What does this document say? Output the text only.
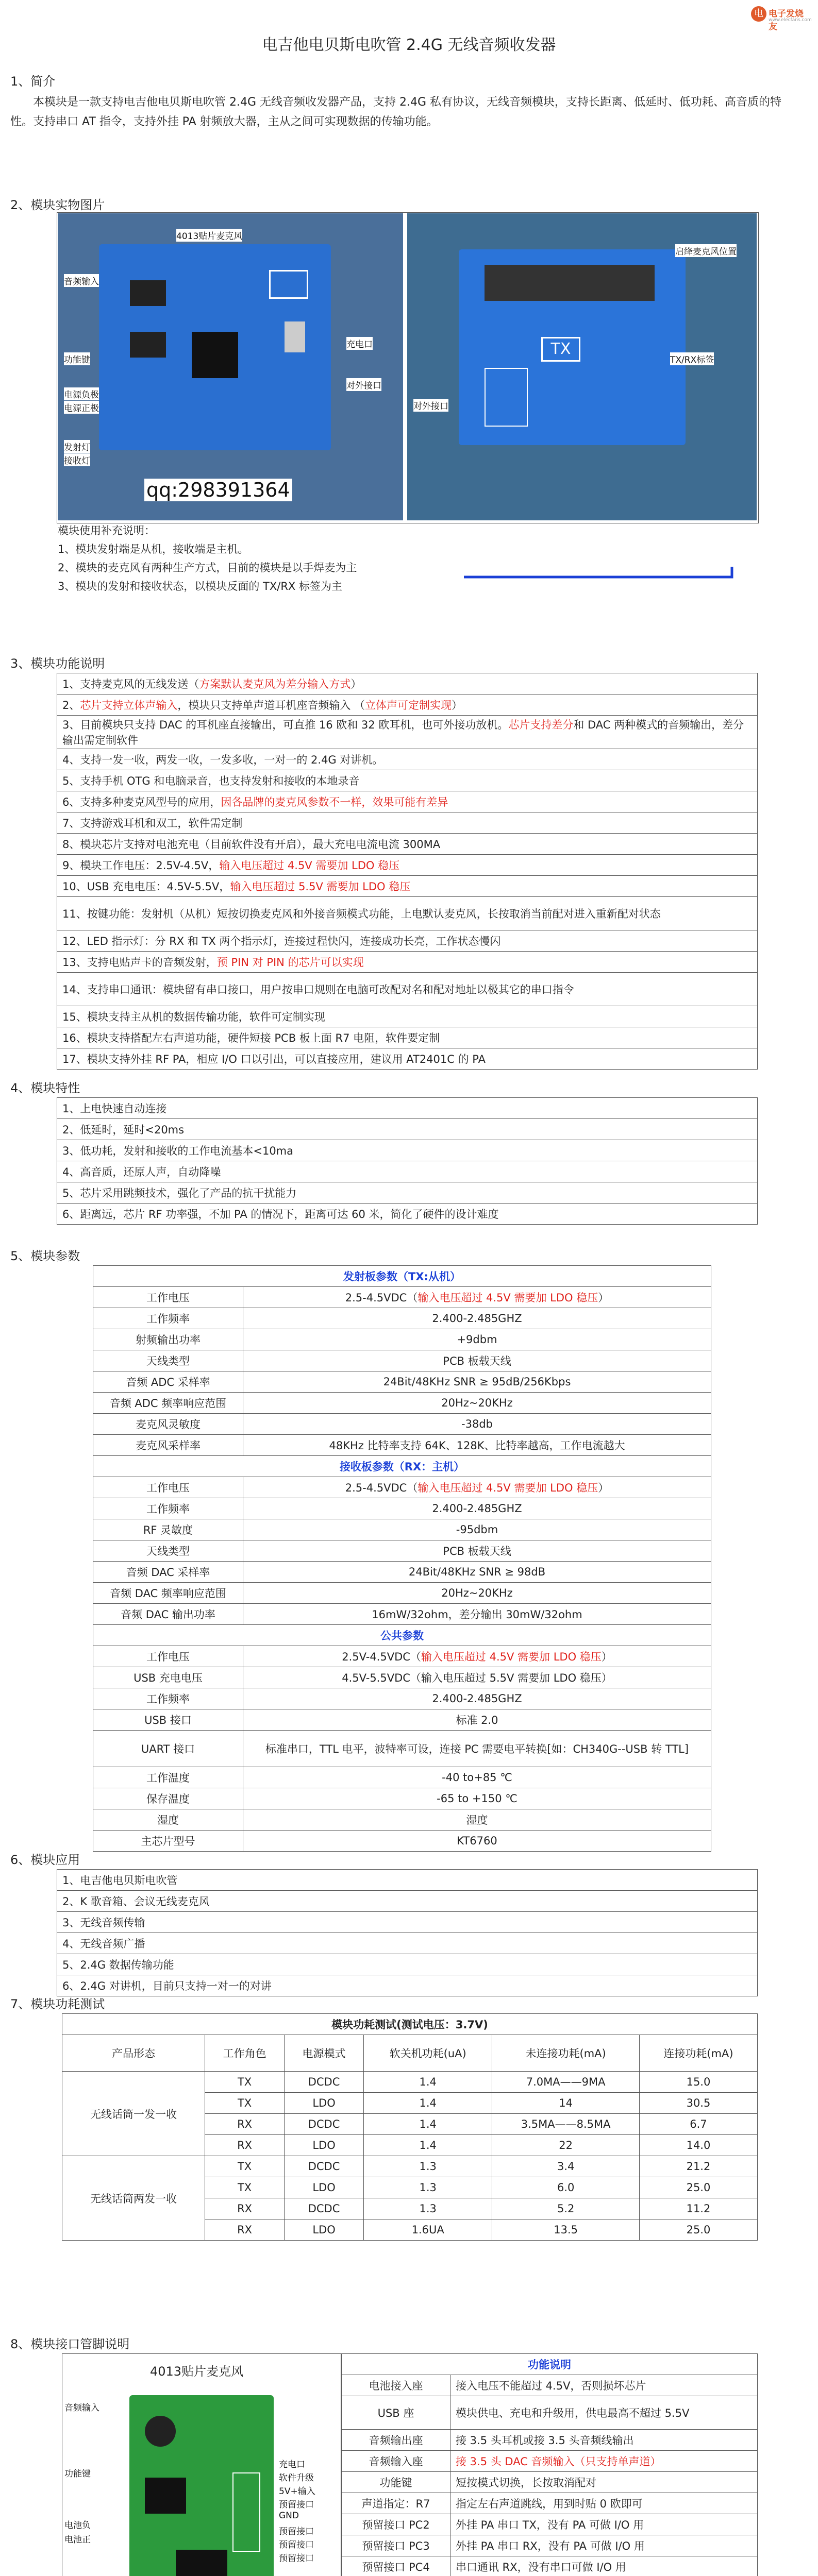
电 电子发烧友
www.elecfans.com
电吉他电贝斯电吹管 2.4G 无线音频收发器
1、简介
本模块是一款支持电吉他电贝斯电吹管 2.4G 无线音频收发器产品，支持 2.4G 私有协议，无线音频模块，支持长距离、低延时、低功耗、高音质的特性。支持串口 AT 指令，支持外挂 PA 射频放大器，主从之间可实现数据的传输功能。
2、模块实物图片
4013贴片麦克风
音频输入
功能键
电源负极
电源正极
发射灯
接收灯
充电口
对外接口
qq:298391364
TX
启绛麦克风位置
TX/RX标签
对外接口
模块使用补充说明：
1、模块发射端是从机，接收端是主机。
2、模块的麦克风有两种生产方式，目前的模块是以手焊麦为主
3、模块的发射和接收状态，以模块反面的 TX/RX 标签为主
3、模块功能说明
1、支持麦克风的无线发送（方案默认麦克风为差分输入方式）
2、芯片支持立体声输入，模块只支持单声道耳机座音频输入 （立体声可定制实现）
3、目前模块只支持 DAC 的耳机座直接输出，可直推 16 欧和 32 欧耳机，也可外接功放机。芯片支持差分和 DAC 两种模式的音频输出，差分输出需定制软件
4、支持一发一收，两发一收，一发多收，一对一的 2.4G 对讲机。
5、支持手机 OTG 和电脑录音，也支持发射和接收的本地录音
6、支持多种麦克风型号的应用，因各品牌的麦克风参数不一样，效果可能有差异
7、支持游戏耳机和双工，软件需定制
8、模块芯片支持对电池充电（目前软件没有开启），最大充电电流电流 300MA
9、模块工作电压：2.5V-4.5V，输入电压超过 4.5V 需要加 LDO 稳压
10、USB 充电电压：4.5V-5.5V，输入电压超过 5.5V 需要加 LDO 稳压
11、按键功能：发射机（从机）短按切换麦克风和外接音频模式功能，上电默认麦克风，长按取消当前配对进入重新配对状态
12、LED 指示灯：分 RX 和 TX 两个指示灯，连接过程快闪，连接成功长亮，工作状态慢闪
13、支持电贴声卡的音频发射，预 PIN 对 PIN 的芯片可以实现
14、支持串口通讯：模块留有串口接口，用户按串口规则在电脑可改配对名和配对地址以极其它的串口指令
15、模块支持主从机的数据传输功能，软件可定制实现
16、模块支持搭配左右声道功能，硬件短接 PCB 板上面 R7 电阻，软件要定制
17、模块支持外挂 RF PA，相应 I/O 口以引出，可以直接应用，建议用 AT2401C 的 PA
4、模块特性
1、上电快速自动连接
2、低延时，延时<20ms
3、低功耗，发射和接收的工作电流基本<10ma
4、高音质，还原人声，自动降噪
5、芯片采用跳频技术，强化了产品的抗干扰能力
6、距离远，芯片 RF 功率强，不加 PA 的情况下，距离可达 60 米，简化了硬件的设计难度
5、模块参数
发射板参数（TX:从机）	
工作电压	2.5-4.5VDC（输入电压超过 4.5V 需要加 LDO 稳压）
工作频率	2.400-2.485GHZ
射频输出功率	+9dbm
天线类型	PCB 板载天线
音频 ADC 采样率	24Bit/48KHz SNR ≥ 95dB/256Kbps
音频 ADC 频率响应范围	20Hz~20KHz
麦克风灵敏度	-38db
麦克风采样率	48KHz 比特率支持 64K、128K、比特率越高，工作电流越大
接收板参数（RX：主机）	
工作电压	2.5-4.5VDC（输入电压超过 4.5V 需要加 LDO 稳压）
工作频率	2.400-2.485GHZ
RF 灵敏度	-95dbm
天线类型	PCB 板载天线
音频 DAC 采样率	24Bit/48KHz SNR ≥ 98dB
音频 DAC 频率响应范围	20Hz~20KHz
音频 DAC 输出功率	16mW/32ohm，差分输出 30mW/32ohm
公共参数	
工作电压	2.5V-4.5VDC（输入电压超过 4.5V 需要加 LDO 稳压）
USB 充电电压	4.5V-5.5VDC（输入电压超过 5.5V 需要加 LDO 稳压）
工作频率	2.400-2.485GHZ
USB 接口	标准 2.0
UART 接口	标准串口，TTL 电平，波特率可设，连接 PC 需要电平转换[如：CH340G--USB 转 TTL]
工作温度	-40 to+85 ℃
保存温度	-65 to +150 ℃
湿度	湿度
主芯片型号	KT6760
6、模块应用
1、电吉他电贝斯电吹管
2、K 歌音箱、会议无线麦克风
3、无线音频传输
4、无线音频广播
5、2.4G 数据传输功能
6、2.4G 对讲机，目前只支持一对一的对讲
7、模块功耗测试
模块功耗测试(测试电压：3.7V)					
产品形态	工作角色	电源模式	软关机功耗(uA)	未连接功耗(mA)	连接功耗(mA)
无线话筒一发一收	TX	DCDC	1.4	7.0MA——9MA	15.0
	TX	LDO	1.4	14	30.5
	RX	DCDC	1.4	3.5MA——8.5MA	6.7
	RX	LDO	1.4	22	14.0
无线话筒两发一收	TX	DCDC	1.3	3.4	21.2
	TX	LDO	1.3	6.0	25.0
	RX	DCDC	1.3	5.2	11.2
	RX	LDO	1.6UA	13.5	25.0
8、模块接口管脚说明
4013贴片麦克风
音频输入
功能键
电池负
电池正
充电口
软件升级
5V+输入
预留接口
GND
预留接口
预留接口
预留接口
功能说明	
电池接入座	接入电压不能超过 4.5V，否则损坏芯片
USB 座	模块供电、充电和升级用，供电最高不超过 5.5V
音频输出座	接 3.5 头耳机或接 3.5 头音频线输出
音频输入座	接 3.5 头 DAC 音频输入（只支持单声道）
功能键	短按模式切换，长按取消配对
声道指定：R7	指定左右声道跳线，用到时贴 0 欧即可
预留接口 PC2	外挂 PA 串口 TX，没有 PA 可做 I/O 用
预留接口 PC3	外挂 PA 串口 RX，没有 PA 可做 I/O 用
预留接口 PC4	串口通讯 RX，没有串口可做 I/O 用
